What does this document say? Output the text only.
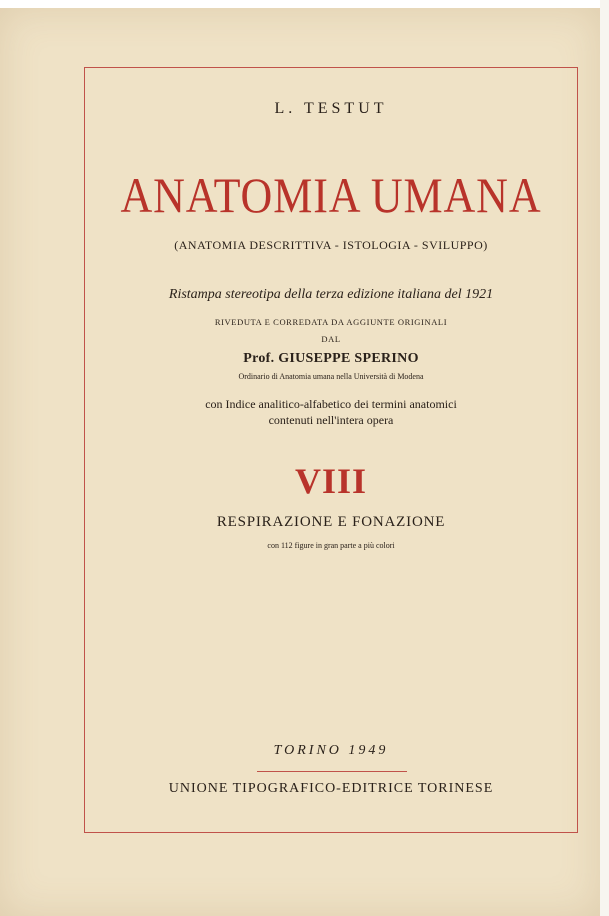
L. TESTUT
ANATOMIA UMANA
(ANATOMIA DESCRITTIVA - ISTOLOGIA - SVILUPPO)
Ristampa stereotipa della terza edizione italiana del 1921
RIVEDUTA E CORREDATA DA AGGIUNTE ORIGINALI
DAL
Prof. GIUSEPPE SPERINO
Ordinario di Anatomia umana nella Università di Modena
con Indice analitico-alfabetico dei termini anatomici
contenuti nell'intera opera
VIII
RESPIRAZIONE E FONAZIONE
con 112 figure in gran parte a più colori
TORINO 1949
UNIONE TIPOGRAFICO-EDITRICE TORINESE
